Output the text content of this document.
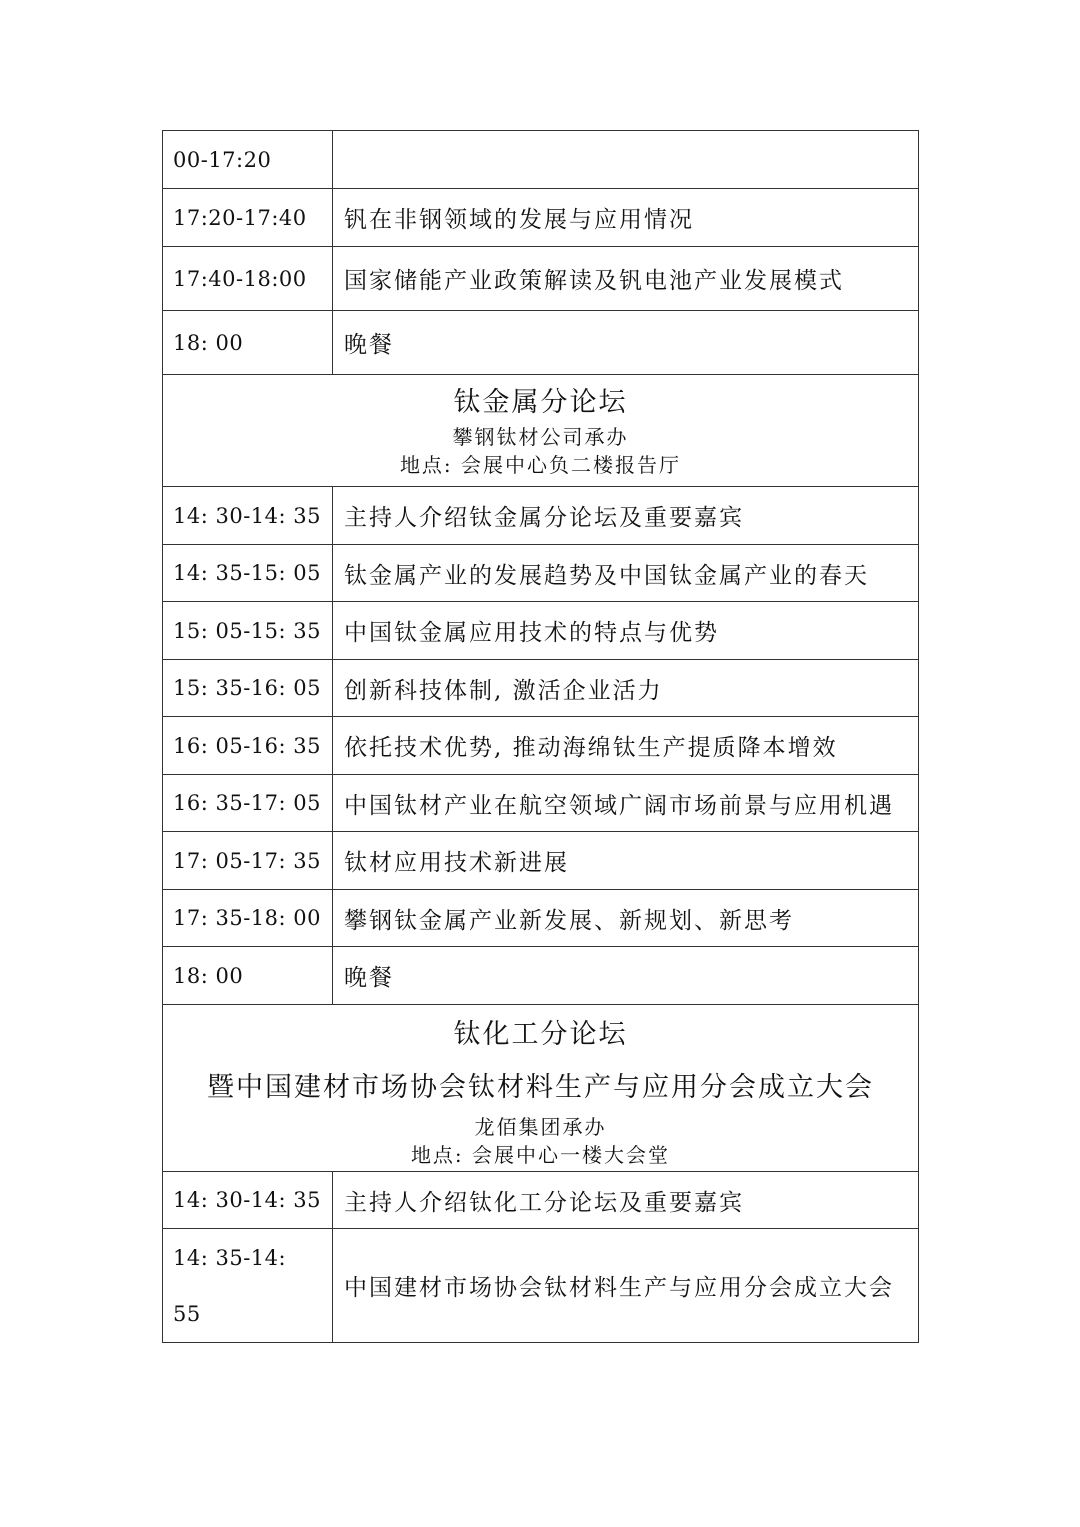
00-17:20	
17:20-17:40	钒在非钢领域的发展与应用情况
17:40-18:00	国家储能产业政策解读及钒电池产业发展模式
18: 00	晚餐

钛金属分论坛
攀钢钛材公司承办
地点: 会展中心负二楼报告厅	

14: 30-14: 35	主持人介绍钛金属分论坛及重要嘉宾
14: 35-15: 05	钛金属产业的发展趋势及中国钛金属产业的春天
15: 05-15: 35	中国钛金属应用技术的特点与优势
15: 35-16: 05	创新科技体制, 激活企业活力
16: 05-16: 35	依托技术优势, 推动海绵钛生产提质降本增效
16: 35-17: 05	中国钛材产业在航空领域广阔市场前景与应用机遇
17: 05-17: 35	钛材应用技术新进展
17: 35-18: 00	攀钢钛金属产业新发展、新规划、新思考
18: 00	晚餐

钛化工分论坛
暨中国建材市场协会钛材料生产与应用分会成立大会
龙佰集团承办
地点: 会展中心一楼大会堂	

14: 30-14: 35	主持人介绍钛化工分论坛及重要嘉宾

14: 35-14:
55	中国建材市场协会钛材料生产与应用分会成立大会
